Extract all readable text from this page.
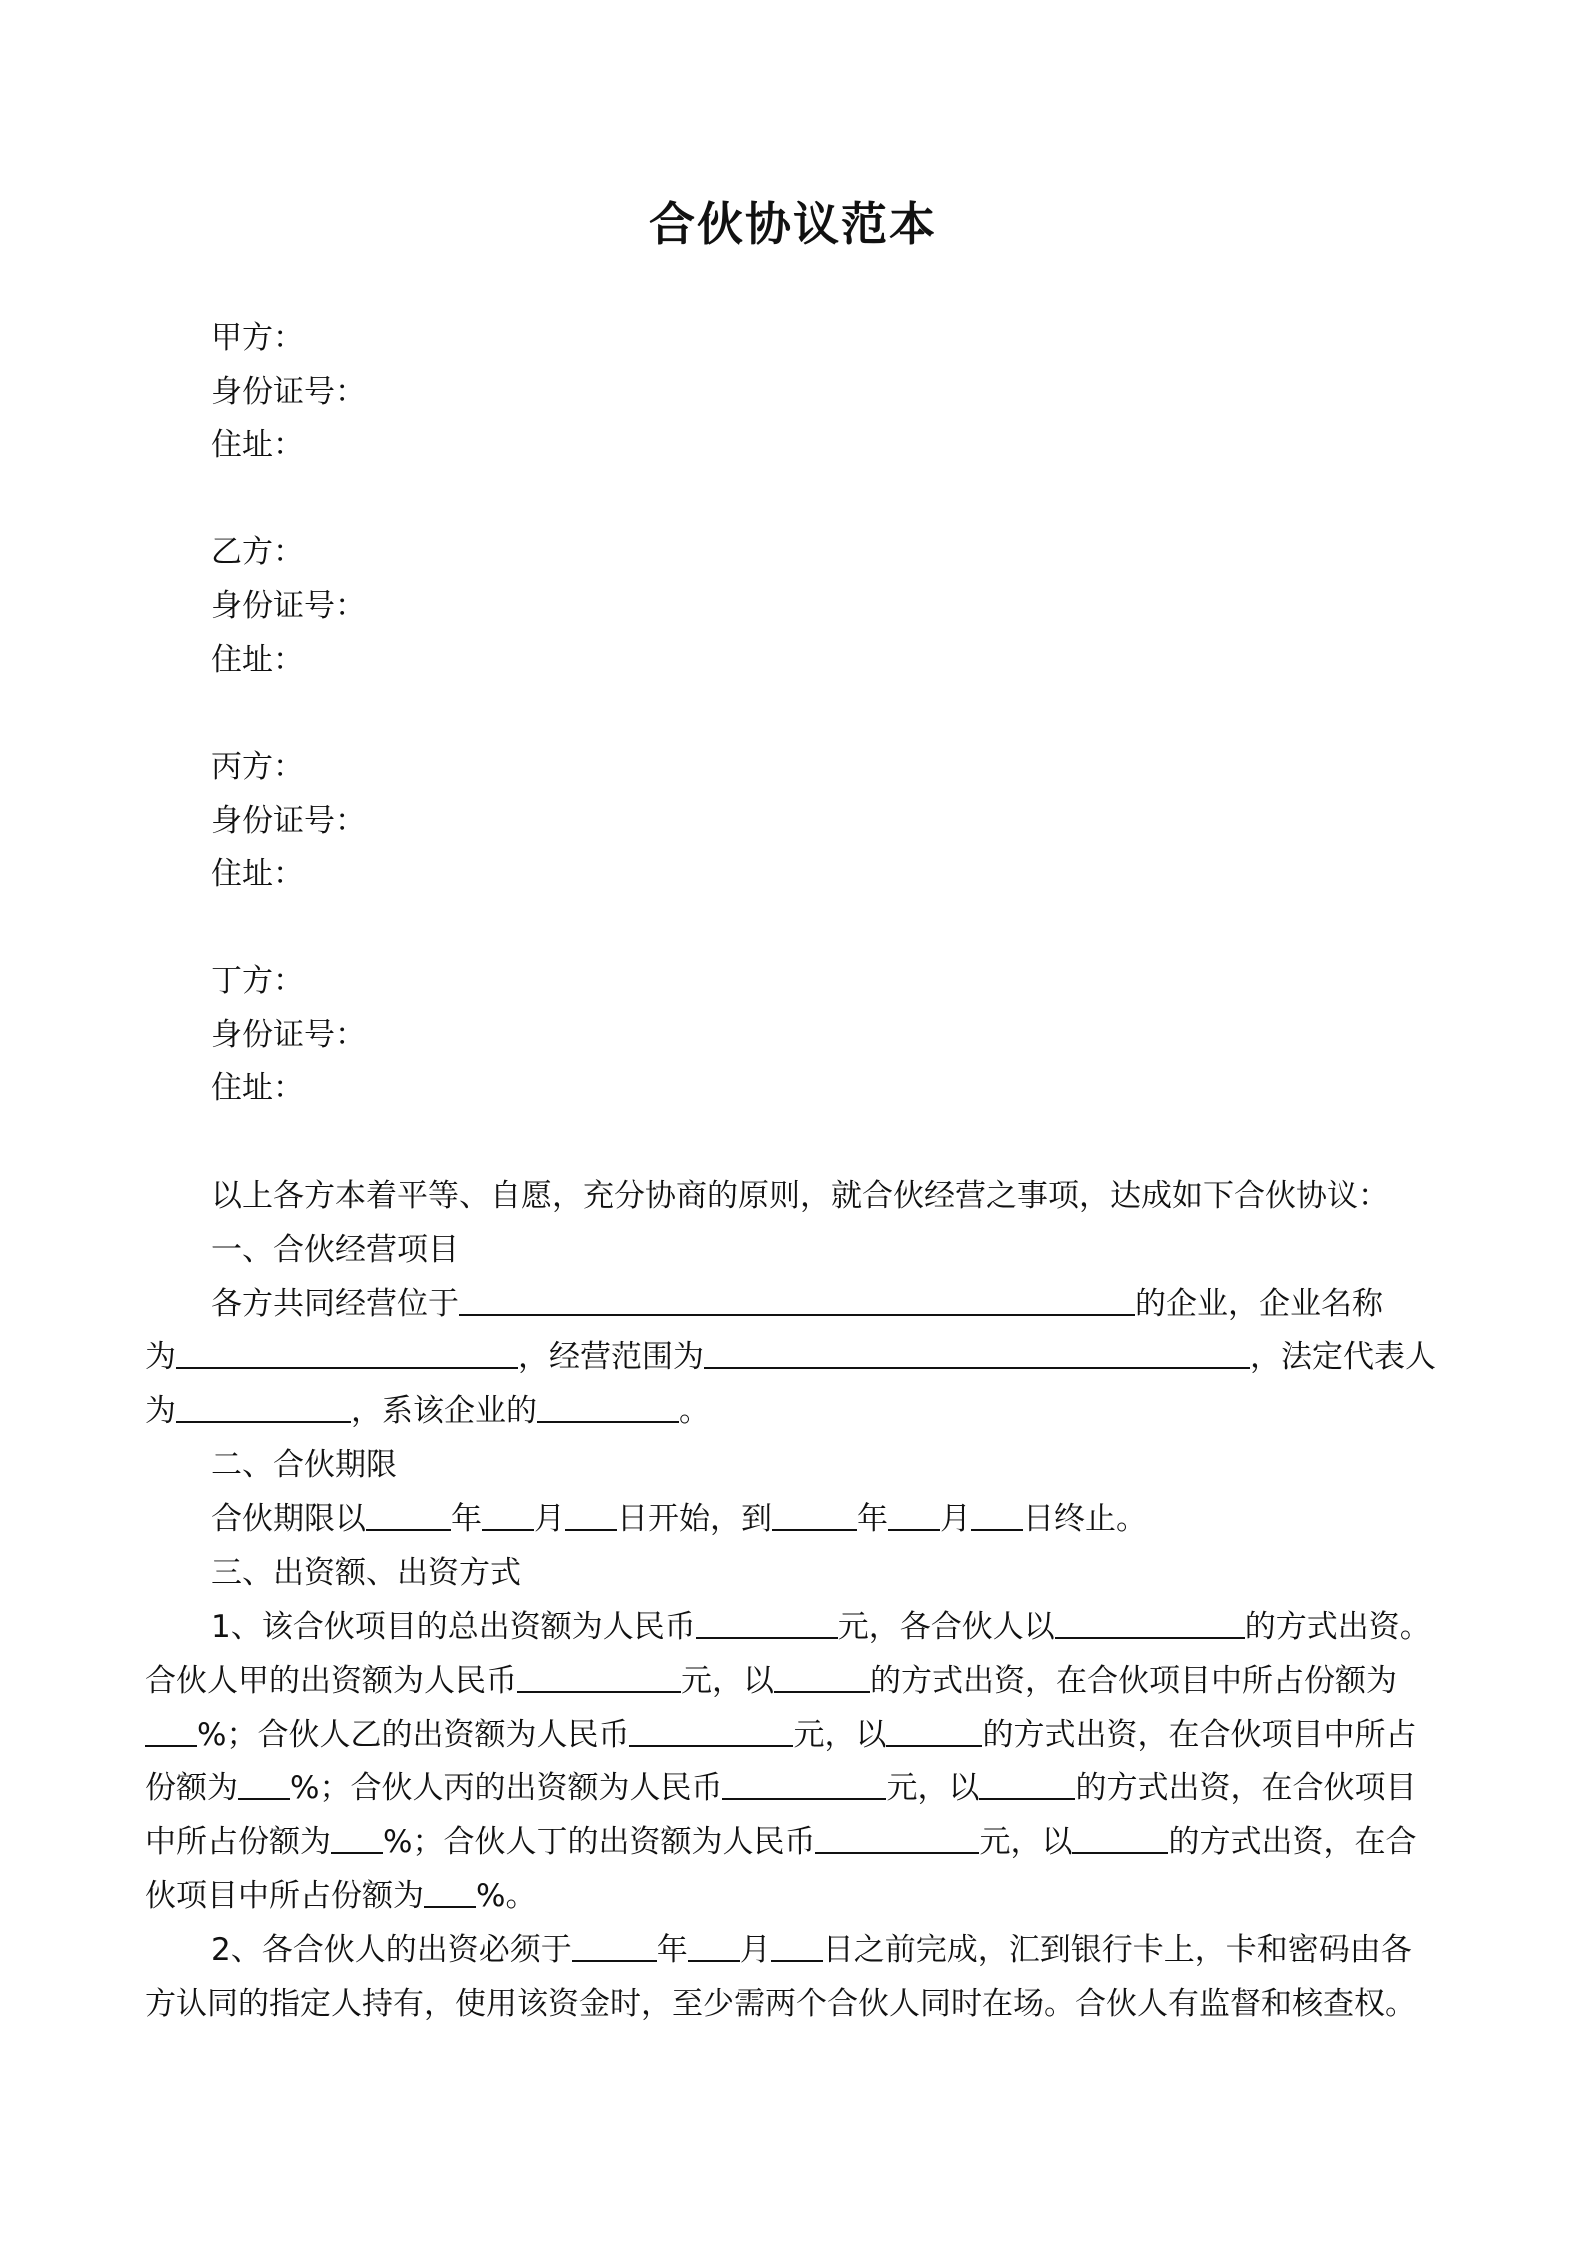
合伙协议范本
甲方：
身份证号：
住址：
乙方：
身份证号：
住址：
丙方：
身份证号：
住址：
丁方：
身份证号：
住址：
以上各方本着平等、自愿，充分协商的原则，就合伙经营之事项，达成如下合伙协议：
一、合伙经营项目
各方共同经营位于	的企业，企业名称
为	，经营范围为	，法定代表人
为	，系该企业的	。
二、合伙期限
合伙期限以	年 月 日开始，到	年 月 日终止。
三、出资额、出资方式
1、该合伙项目的总出资额为人民币	元，各合伙人以	的方式出资。
合伙人甲的出资额为人民币	元，以	的方式出资，在合伙项目中所占份额为
%；合伙人乙的出资额为人民币	元，以	的方式出资，在合伙项目中所占
份额为 %；合伙人丙的出资额为人民币	元，以	的方式出资，在合伙项目
中所占份额为 %；合伙人丁的出资额为人民币	元，以	的方式出资，在合
伙项目中所占份额为 %。
2、各合伙人的出资必须于	年 月 日之前完成，汇到银行卡上，卡和密码由各
方认同的指定人持有，使用该资金时，至少需两个合伙人同时在场。合伙人有监督和核查权。
